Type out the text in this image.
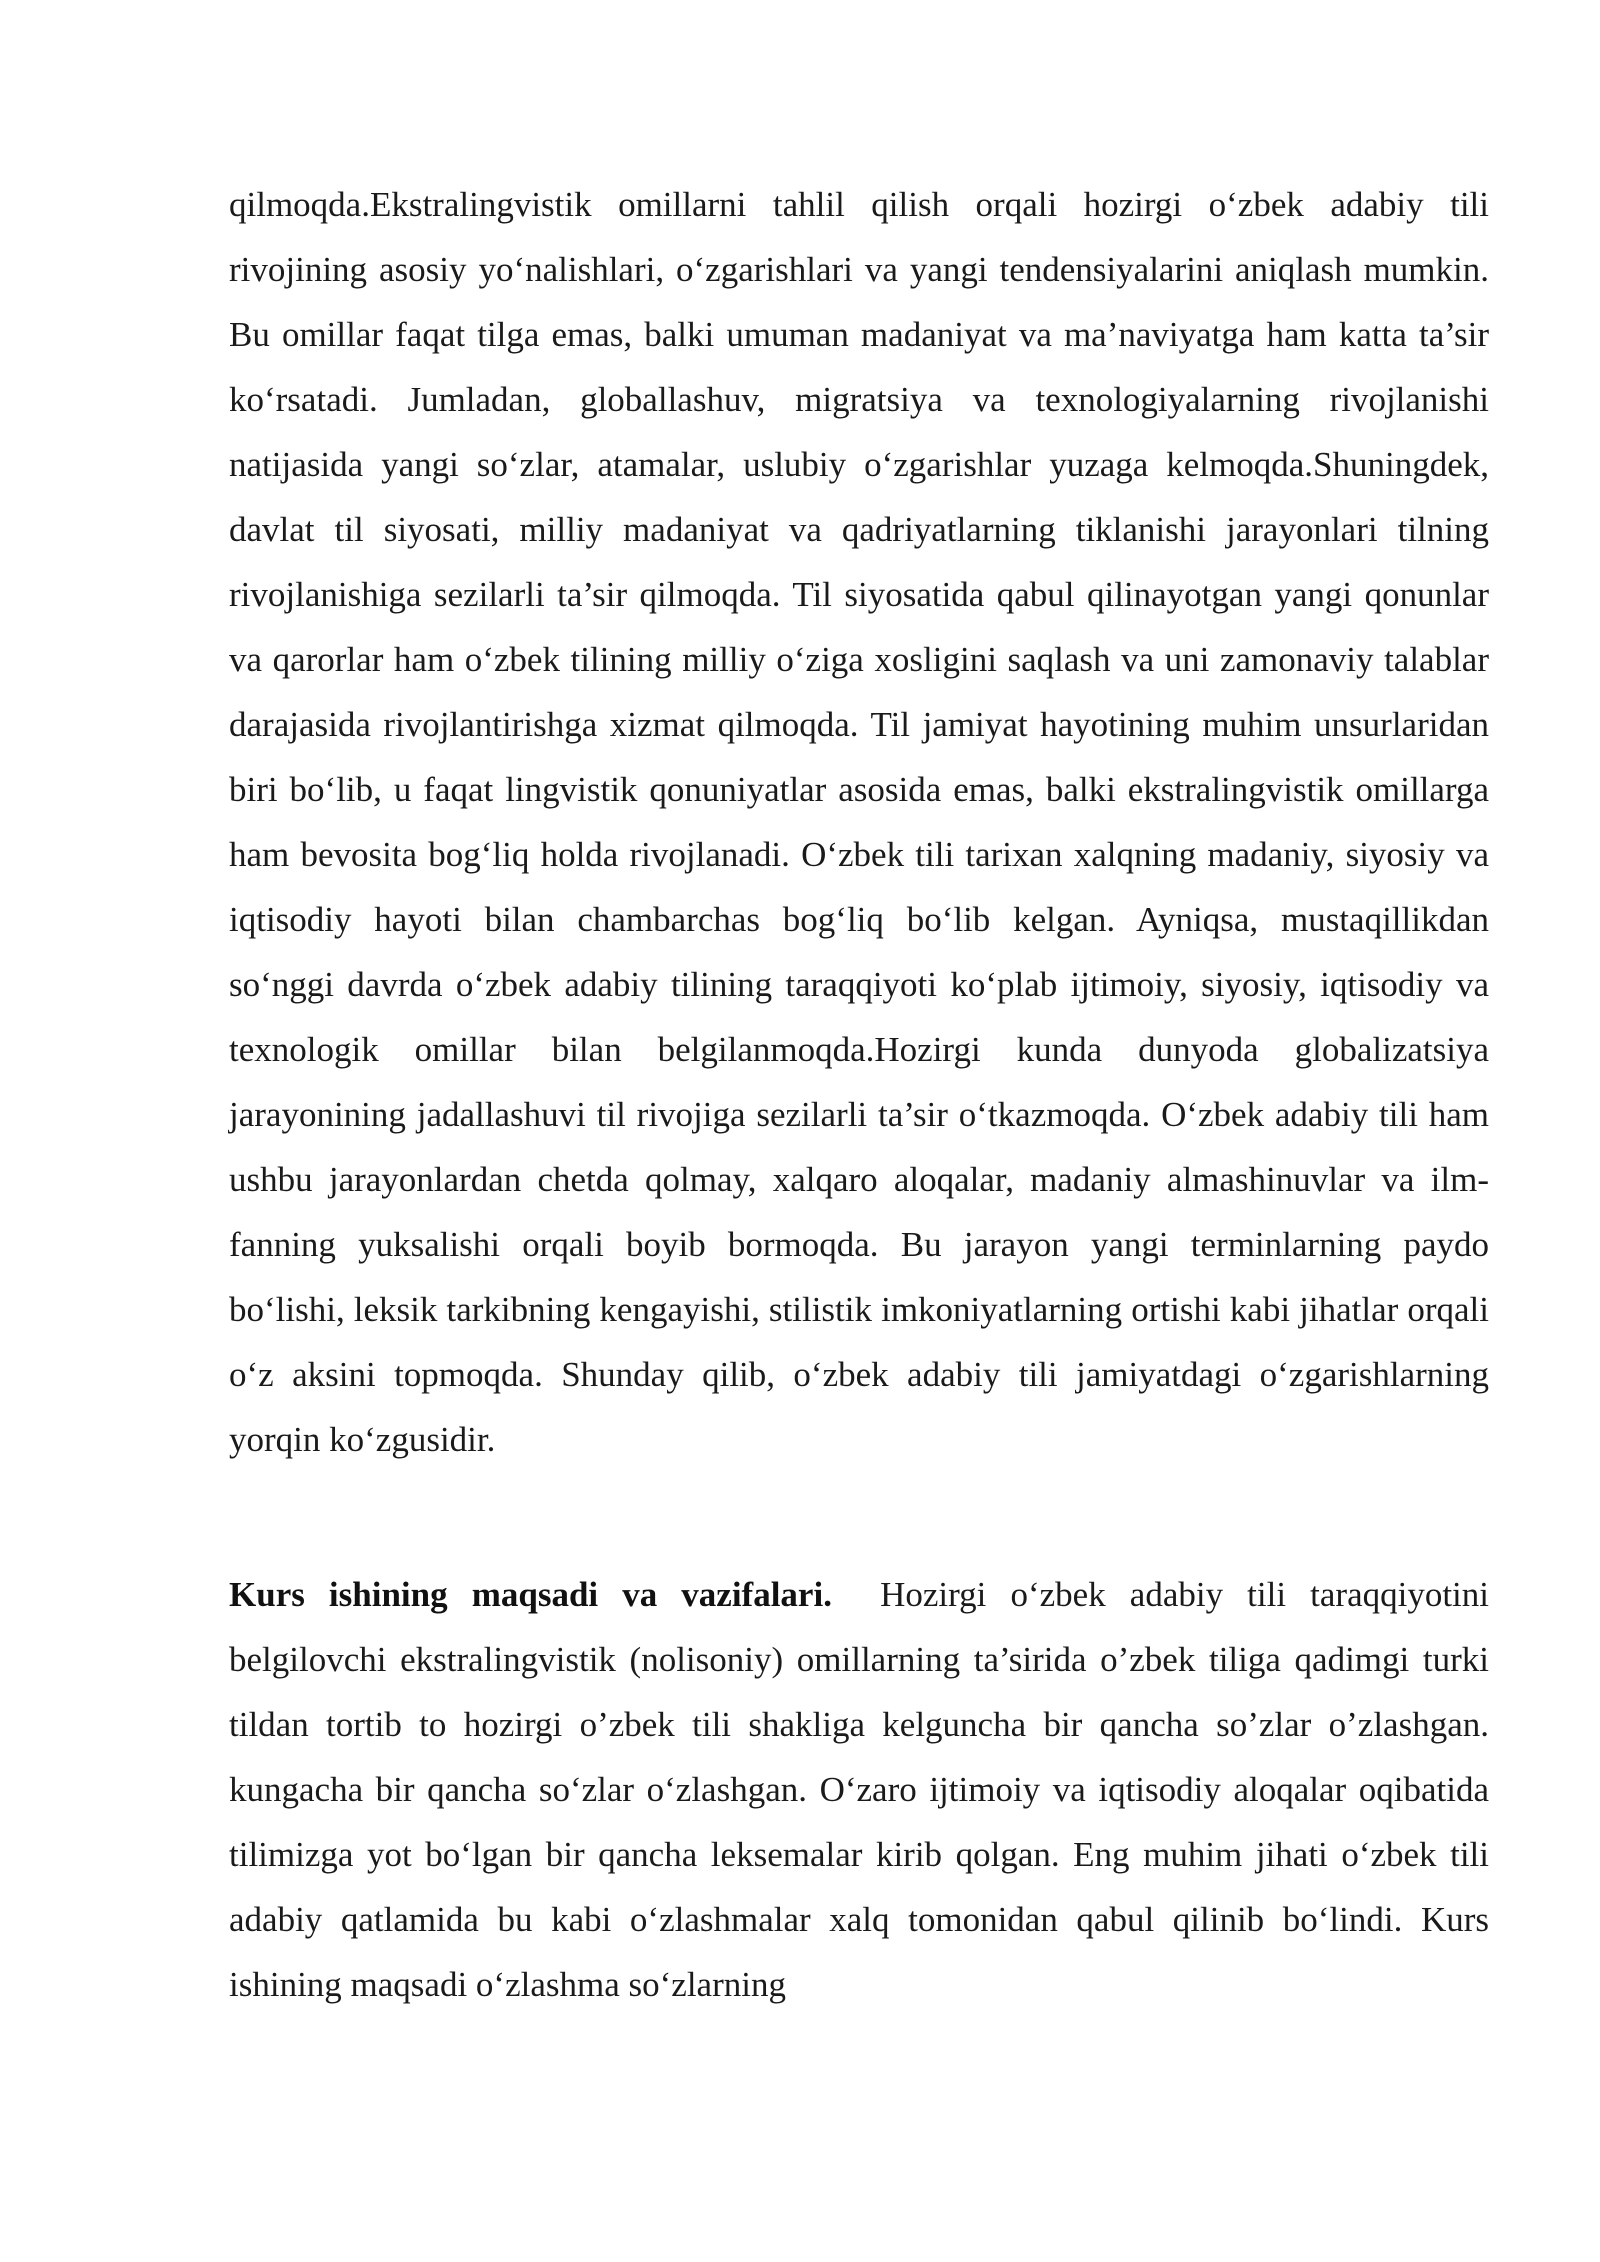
qilmoqda.Ekstralingvistik omillarni tahlil qilish orqali hozirgi o‘zbek adabiy tili rivojining asosiy yo‘nalishlari, o‘zgarishlari va yangi tendensiyalarini aniqlash mumkin. Bu omillar faqat tilga emas, balki umuman madaniyat va ma’naviyatga ham katta ta’sir ko‘rsatadi. Jumladan, globallashuv, migratsiya va texnologiyalarning rivojlanishi natijasida yangi so‘zlar, atamalar, uslubiy o‘zgarishlar yuzaga kelmoqda.Shuningdek, davlat til siyosati, milliy madaniyat va qadriyatlarning tiklanishi jarayonlari tilning rivojlanishiga sezilarli ta’sir qilmoqda. Til siyosatida qabul qilinayotgan yangi qonunlar va qarorlar ham o‘zbek tilining milliy o‘ziga xosligini saqlash va uni zamonaviy talablar darajasida rivojlantirishga xizmat qilmoqda. Til jamiyat hayotining muhim unsurlaridan biri bo‘lib, u faqat lingvistik qonuniyatlar asosida emas, balki ekstralingvistik omillarga ham bevosita bog‘liq holda rivojlanadi. O‘zbek tili tarixan xalqning madaniy, siyosiy va iqtisodiy hayoti bilan chambarchas bog‘liq bo‘lib kelgan. Ayniqsa, mustaqillikdan so‘nggi davrda o‘zbek adabiy tilining taraqqiyoti ko‘plab ijtimoiy, siyosiy, iqtisodiy va texnologik omillar bilan belgilanmoqda.Hozirgi kunda dunyoda globalizatsiya jarayonining jadallashuvi til rivojiga sezilarli ta’sir o‘tkazmoqda. O‘zbek adabiy tili ham ushbu jarayonlardan chetda qolmay, xalqaro aloqalar, madaniy almashinuvlar va ilm-fanning yuksalishi orqali boyib bormoqda. Bu jarayon yangi terminlarning paydo bo‘lishi, leksik tarkibning kengayishi, stilistik imkoniyatlarning ortishi kabi jihatlar orqali o‘z aksini topmoqda. Shunday qilib, o‘zbek adabiy tili jamiyatdagi o‘zgarishlarning yorqin ko‘zgusidir.

Kurs ishining maqsadi va vazifalari. Hozirgi o‘zbek adabiy tili taraqqiyotini belgilovchi ekstralingvistik (nolisoniy) omillarning ta’sirida o’zbek tiliga qadimgi turki tildan tortib to hozirgi o’zbek tili shakliga kelguncha bir qancha so’zlar o’zlashgan. kungacha bir qancha so‘zlar o‘zlashgan. O‘zaro ijtimoiy va iqtisodiy aloqalar oqibatida tilimizga yot bo‘lgan bir qancha leksemalar kirib qolgan. Eng muhim jihati o‘zbek tili adabiy qatlamida bu kabi o‘zlashmalar xalq tomonidan qabul qilinib bo‘lindi. Kurs ishining maqsadi o‘zlashma so‘zlarning
